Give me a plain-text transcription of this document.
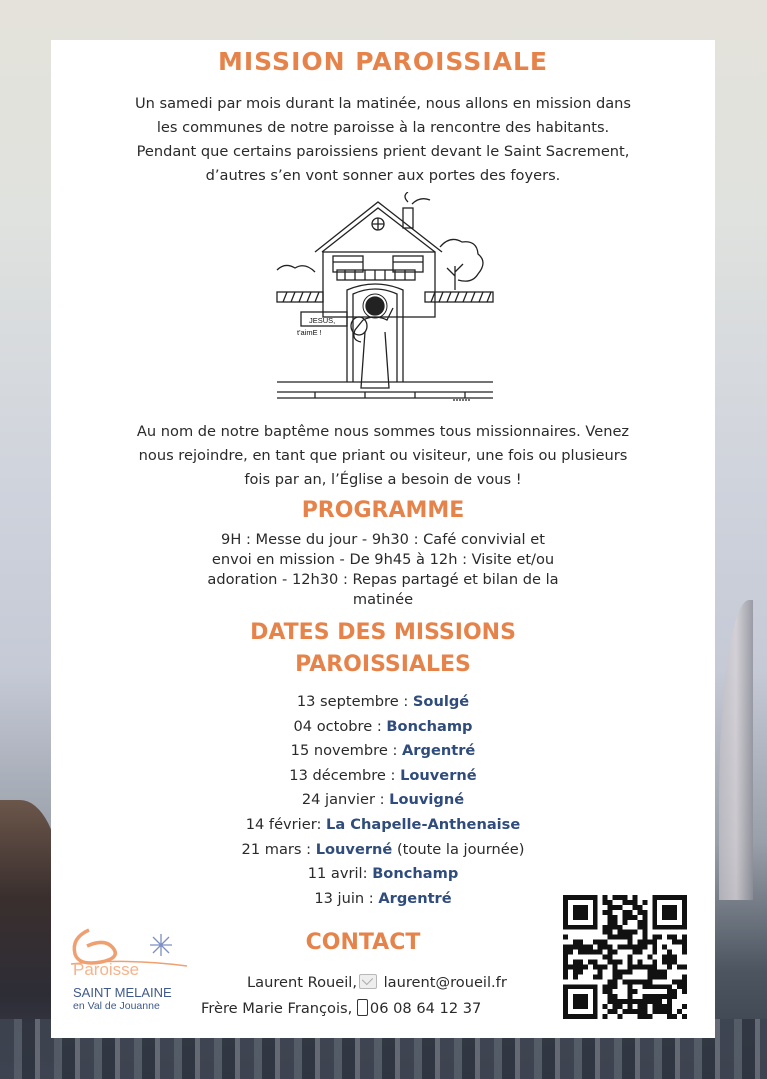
MISSION PAROISSIALE
Un samedi par mois durant la matinée, nous allons en mission dans
les communes de notre paroisse à la rencontre des habitants.
Pendant que certains paroissiens prient devant le Saint Sacrement,
d’autres s’en vont sonner aux portes des foyers.
JESUS,
t'aimE !
Au nom de notre baptême nous sommes tous missionnaires. Venez
nous rejoindre, en tant que priant ou visiteur, une fois ou plusieurs
fois par an, l’Église a besoin de vous !
PROGRAMME
9H : Messe du jour - 9h30 : Café convivial et
envoi en mission - De 9h45 à 12h : Visite et/ou
adoration - 12h30 : Repas partagé et bilan de la
matinée
DATES DES MISSIONS
PAROISSIALES
13 septembre : Soulgé
04 octobre : Bonchamp
15 novembre : Argentré
13 décembre : Louverné
24 janvier : Louvigné
14 février: La Chapelle-Anthenaise
21 mars : Louverné (toute la journée)
11 avril: Bonchamp
13 juin : Argentré
CONTACT
Laurent Roueil, laurent@roueil.fr
Frère Marie François, 06 08 64 12 37
Paroisse
SAINT MELAINE
en Val de Jouanne
